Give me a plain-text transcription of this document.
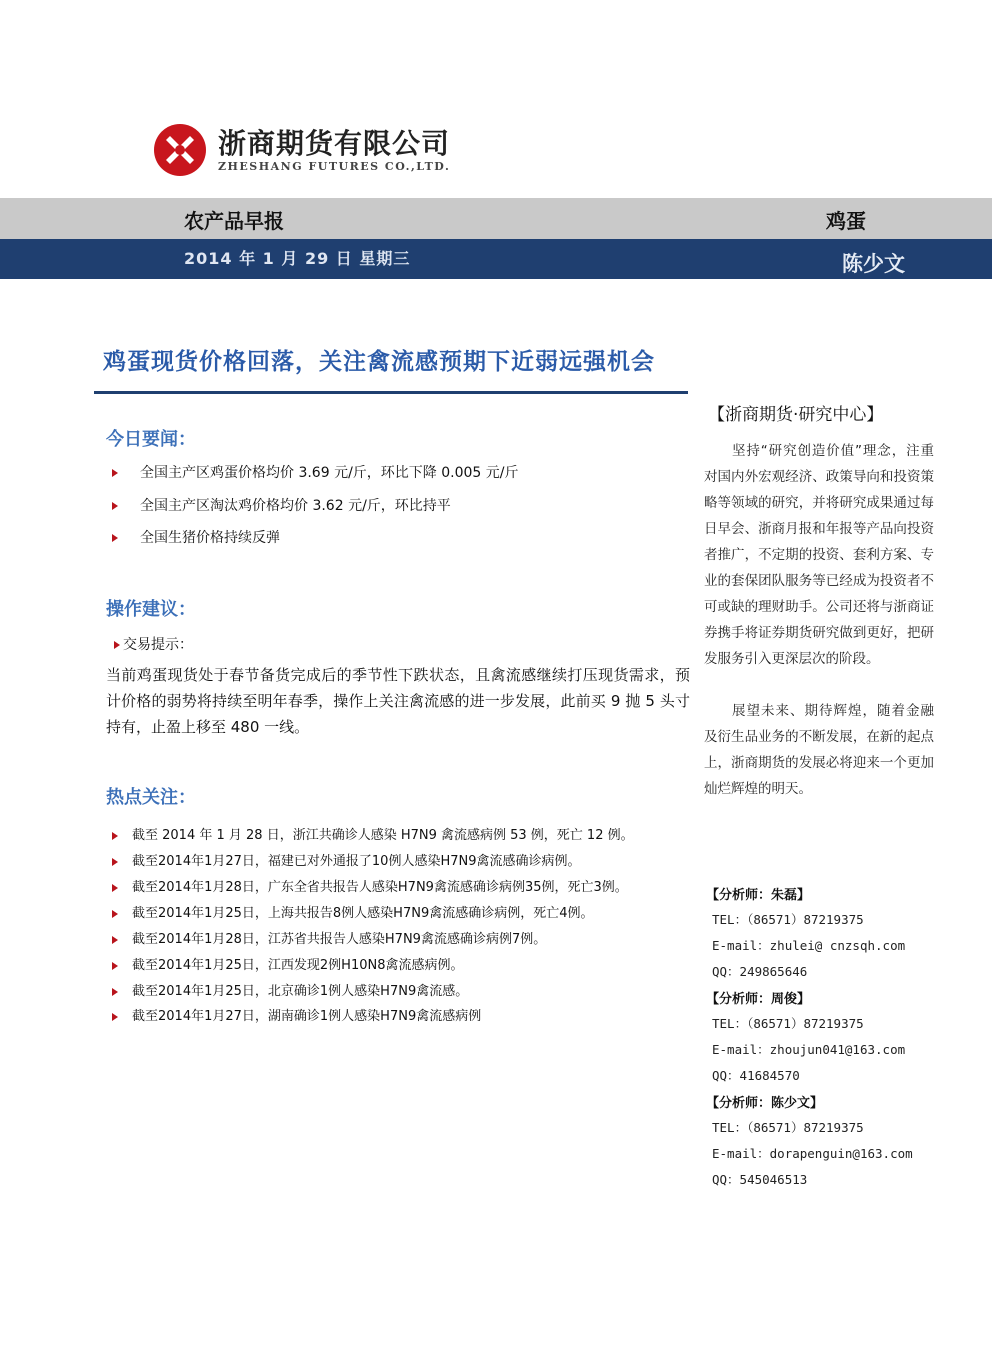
浙商期货有限公司
ZHESHANG FUTURES CO.,LTD.
农产品早报	鸡蛋
2014 年 1 月 29 日 星期三	陈少文
鸡蛋现货价格回落，关注禽流感预期下近弱远强机会
今日要闻：
全国主产区鸡蛋价格均价 3.69 元/斤，环比下降 0.005 元/斤
全国主产区淘汰鸡价格均价 3.62 元/斤，环比持平
全国生猪价格持续反弹
操作建议：
交易提示：
当前鸡蛋现货处于春节备货完成后的季节性下跌状态，且禽流感继续打压现货需求，预计价格的弱势将持续至明年春季，操作上关注禽流感的进一步发展，此前买 9 抛 5 头寸持有，止盈上移至 480 一线。
热点关注：
截至 2014 年 1 月 28 日，浙江共确诊人感染 H7N9 禽流感病例 53 例，死亡 12 例。
截至2014年1月27日，福建已对外通报了10例人感染H7N9禽流感确诊病例。
截至2014年1月28日，广东全省共报告人感染H7N9禽流感确诊病例35例，死亡3例。
截至2014年1月25日，上海共报告8例人感染H7N9禽流感确诊病例，死亡4例。
截至2014年1月28日，江苏省共报告人感染H7N9禽流感确诊病例7例。
截至2014年1月25日，江西发现2例H10N8禽流感病例。
截至2014年1月25日，北京确诊1例人感染H7N9禽流感。
截至2014年1月27日，湖南确诊1例人感染H7N9禽流感病例
【浙商期货·研究中心】
坚持“研究创造价值”理念，注重对国内外宏观经济、政策导向和投资策略等领域的研究，并将研究成果通过每日早会、浙商月报和年报等产品向投资者推广，不定期的投资、套利方案、专业的套保团队服务等已经成为投资者不可或缺的理财助手。公司还将与浙商证券携手将证券期货研究做到更好，把研发服务引入更深层次的阶段。
展望未来、期待辉煌，随着金融及衍生品业务的不断发展，在新的起点上，浙商期货的发展必将迎来一个更加灿烂辉煌的明天。
【分析师：朱磊】
TEL：（86571）87219375
E-mail：zhulei@ cnzsqh.com
QQ：249865646
【分析师：周俊】
TEL：（86571）87219375
E-mail：zhoujun041@163.com
QQ：41684570
【分析师：陈少文】
TEL：（86571）87219375
E-mail：dorapenguin@163.com
QQ：545046513
